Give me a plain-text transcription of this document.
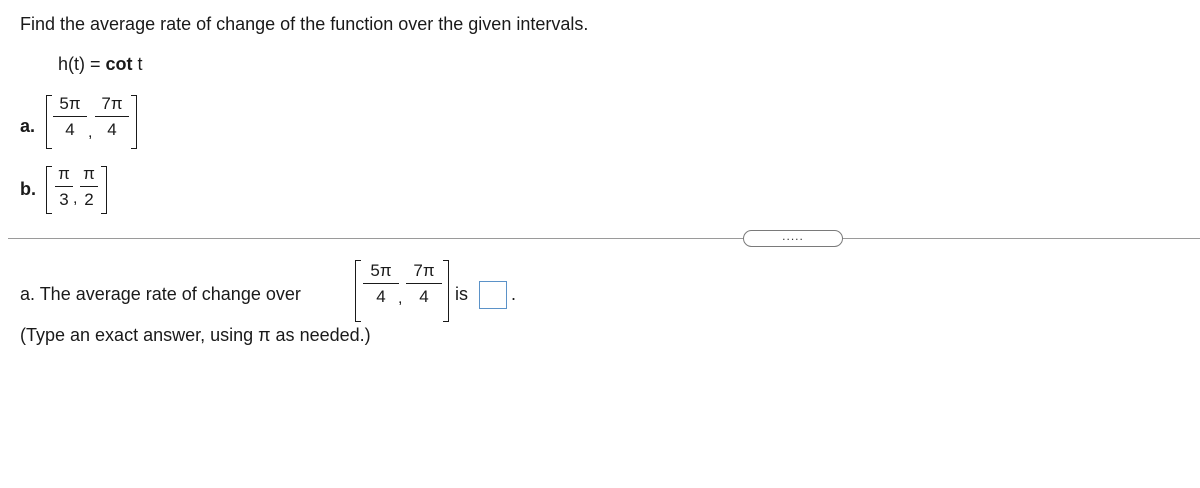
Find the average rate of change of the function over the given intervals.
h(t) = cot t
a.
5π
4 ,
7π
4
b.
π
3 ,
π
2
.....
a. The average rate of change over
5π
4 ,
7π
4	is .
(Type an exact answer, using π as needed.)
